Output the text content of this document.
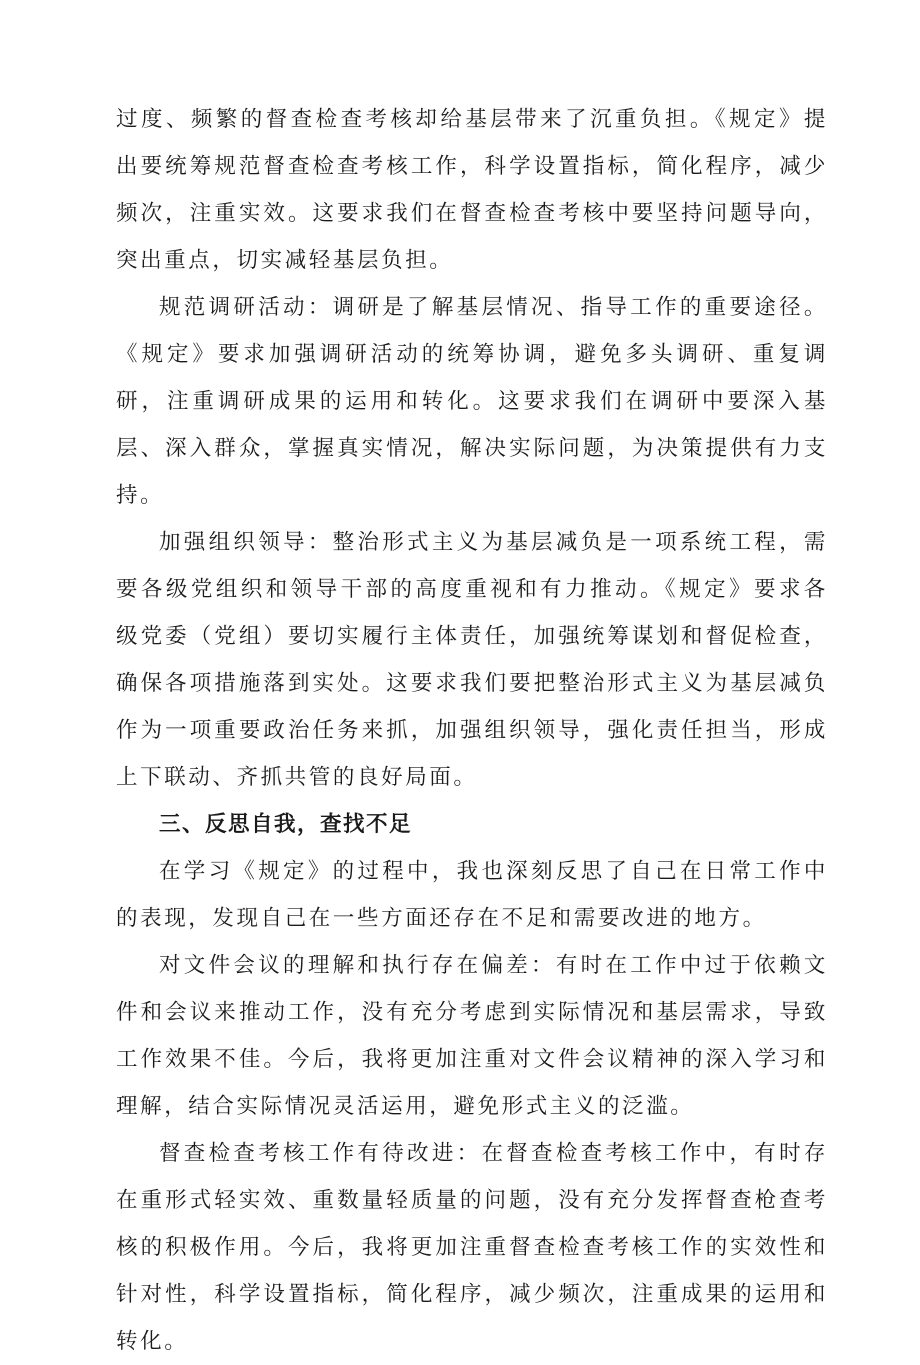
过度、频繁的督查检查考核却给基层带来了沉重负担。《规定》提出要统筹规范督查检查考核工作，科学设置指标，简化程序，减少频次，注重实效。这要求我们在督查检查考核中要坚持问题导向，突出重点，切实减轻基层负担。

规范调研活动：调研是了解基层情况、指导工作的重要途径。《规定》要求加强调研活动的统筹协调，避免多头调研、重复调研，注重调研成果的运用和转化。这要求我们在调研中要深入基层、深入群众，掌握真实情况，解决实际问题，为决策提供有力支持。

加强组织领导：整治形式主义为基层减负是一项系统工程，需要各级党组织和领导干部的高度重视和有力推动。《规定》要求各级党委（党组）要切实履行主体责任，加强统筹谋划和督促检查，确保各项措施落到实处。这要求我们要把整治形式主义为基层减负作为一项重要政治任务来抓，加强组织领导，强化责任担当，形成上下联动、齐抓共管的良好局面。

三、反思自我，查找不足

在学习《规定》的过程中，我也深刻反思了自己在日常工作中的表现，发现自己在一些方面还存在不足和需要改进的地方。

对文件会议的理解和执行存在偏差：有时在工作中过于依赖文件和会议来推动工作，没有充分考虑到实际情况和基层需求，导致工作效果不佳。今后，我将更加注重对文件会议精神的深入学习和理解，结合实际情况灵活运用，避免形式主义的泛滥。

督查检查考核工作有待改进：在督查检查考核工作中，有时存在重形式轻实效、重数量轻质量的问题，没有充分发挥督查枪查考核的积极作用。今后，我将更加注重督查检查考核工作的实效性和针对性，科学设置指标，简化程序，减少频次，注重成果的运用和转化。
